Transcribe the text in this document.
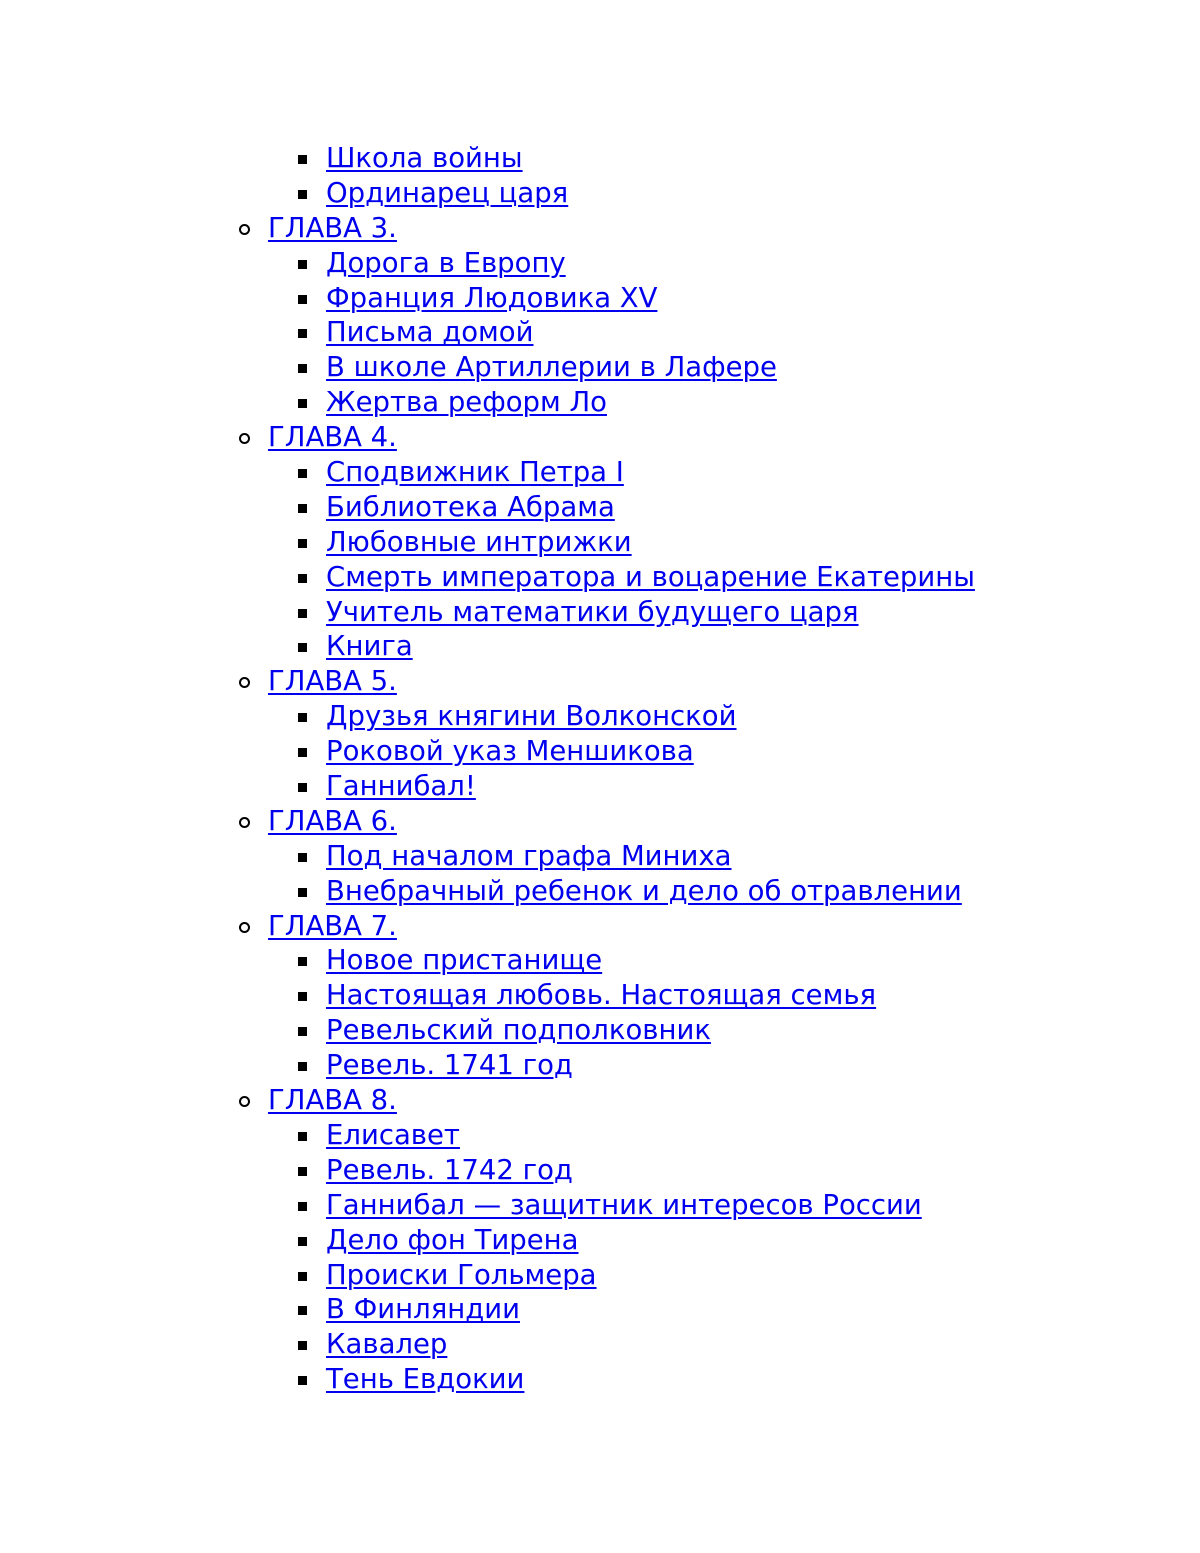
Школа войны
Ординарец царя
ГЛАВА 3.
Дорога в Европу
Франция Людовика XV
Письма домой
В школе Артиллерии в Лафере
Жертва реформ Ло
ГЛАВА 4.
Сподвижник Петра I
Библиотека Абрама
Любовные интрижки
Смерть императора и воцарение Екатерины
Учитель математики будущего царя
Книга
ГЛАВА 5.
Друзья княгини Волконской
Роковой указ Меншикова
Ганнибал!
ГЛАВА 6.
Под началом графа Миниха
Внебрачный ребенок и дело об отравлении
ГЛАВА 7.
Новое пристанище
Настоящая любовь. Настоящая семья
Ревельский подполковник
Ревель. 1741 год
ГЛАВА 8.
Елисавет
Ревель. 1742 год
Ганнибал — защитник интересов России
Дело фон Тирена
Происки Гольмера
В Финляндии
Кавалер
Тень Евдокии
